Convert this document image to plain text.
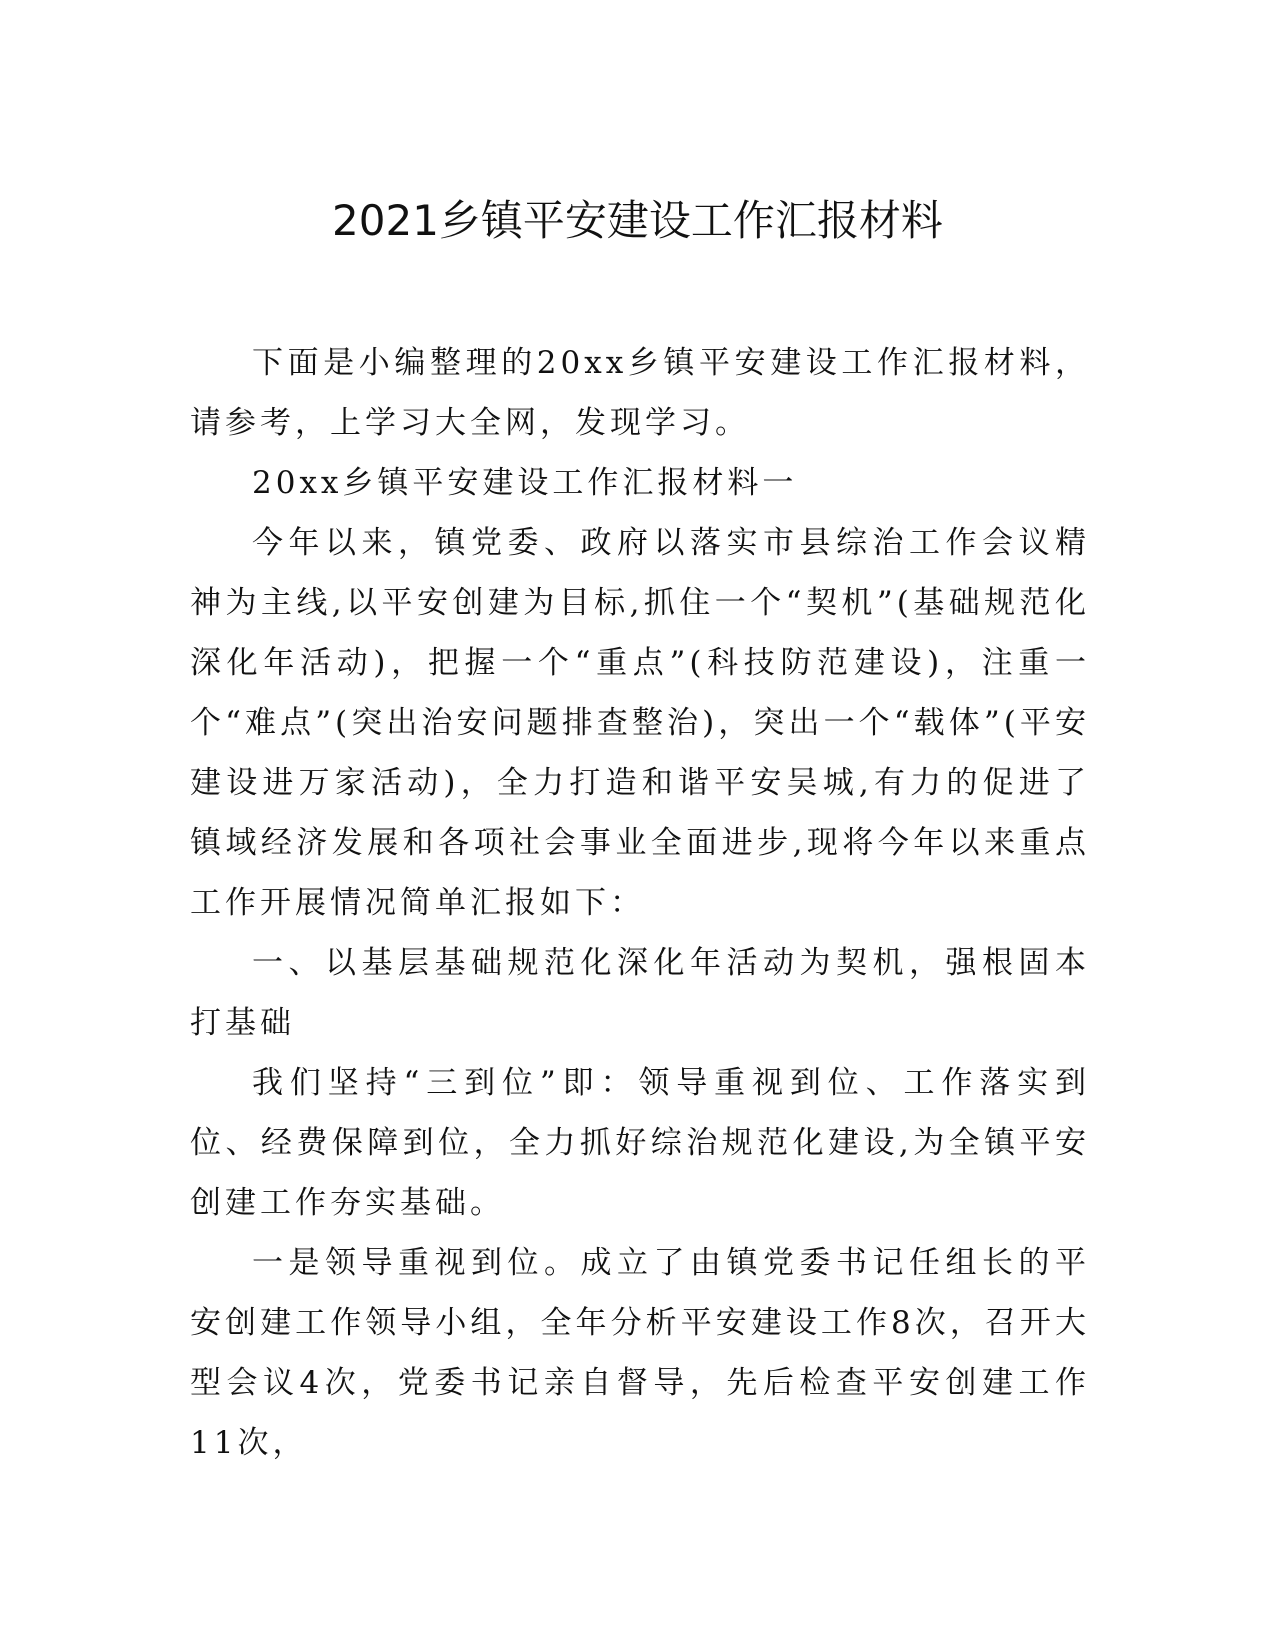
2021乡镇平安建设工作汇报材料

下面是小编整理的20xx乡镇平安建设工作汇报材料，请参考，上学习大全网，发现学习。

20xx乡镇平安建设工作汇报材料一

今年以来，镇党委、政府以落实市县综治工作会议精神为主线,以平安创建为目标,抓住一个“契机”(基础规范化深化年活动)，把握一个“重点”(科技防范建设)，注重一个“难点”(突出治安问题排查整治)，突出一个“载体”(平安建设进万家活动)，全力打造和谐平安吴城,有力的促进了镇域经济发展和各项社会事业全面进步,现将今年以来重点工作开展情况简单汇报如下：

一、以基层基础规范化深化年活动为契机，强根固本打基础

我们坚持“三到位”即：领导重视到位、工作落实到位、经费保障到位，全力抓好综治规范化建设,为全镇平安创建工作夯实基础。

一是领导重视到位。成立了由镇党委书记任组长的平安创建工作领导小组，全年分析平安建设工作8次，召开大型会议4次，党委书记亲自督导，先后检查平安创建工作11次，
